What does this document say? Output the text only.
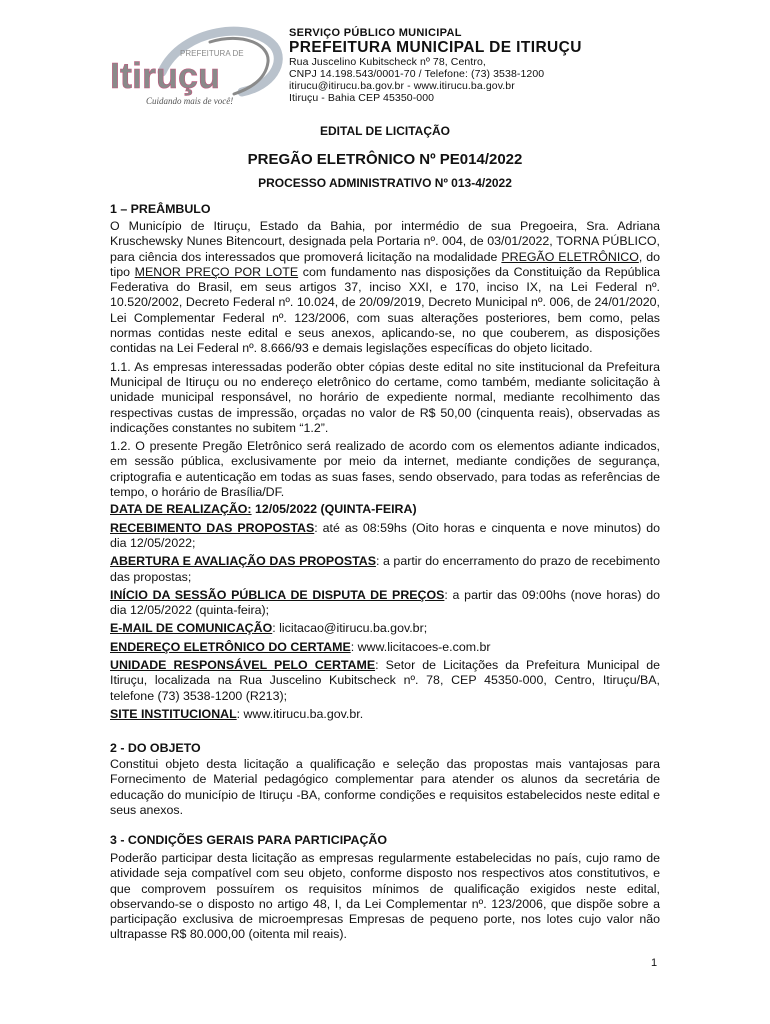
PREFEITURA DE
Itiruçu
Cuidando mais de você!
SERVIÇO PÚBLICO MUNICIPAL
PREFEITURA MUNICIPAL DE ITIRUÇU
Rua Juscelino Kubitscheck nº 78, Centro,
CNPJ 14.198.543/0001-70 / Telefone: (73) 3538-1200
itirucu@itirucu.ba.gov.br - www.itirucu.ba.gov.br
Itiruçu - Bahia CEP 45350-000
EDITAL DE LICITAÇÃO
PREGÃO ELETRÔNICO Nº PE014/2022
PROCESSO ADMINISTRATIVO Nº 013-4/2022
1 – PREÂMBULO

O Município de Itiruçu, Estado da Bahia, por intermédio de sua Pregoeira, Sra. Adriana Kruschewsky Nunes Bitencourt, designada pela Portaria nº. 004, de 03/01/2022, TORNA PÚBLICO, para ciência dos interessados que promoverá licitação na modalidade PREGÃO ELETRÔNICO, do tipo MENOR PREÇO POR LOTE com fundamento nas disposições da Constituição da República Federativa do Brasil, em seus artigos 37, inciso XXI, e 170, inciso IX, na Lei Federal nº. 10.520/2002, Decreto Federal nº. 10.024, de 20/09/2019, Decreto Municipal nº. 006, de 24/01/2020, Lei Complementar Federal nº. 123/2006, com suas alterações posteriores, bem como, pelas normas contidas neste edital e seus anexos, aplicando-se, no que couberem, as disposições contidas na Lei Federal nº. 8.666/93 e demais legislações específicas do objeto licitado.

1.1. As empresas interessadas poderão obter cópias deste edital no site institucional da Prefeitura Municipal de Itiruçu ou no endereço eletrônico do certame, como também, mediante solicitação à unidade municipal responsável, no horário de expediente normal, mediante recolhimento das respectivas custas de impressão, orçadas no valor de R$ 50,00 (cinquenta reais), observadas as indicações constantes no subitem “1.2”.

1.2. O presente Pregão Eletrônico será realizado de acordo com os elementos adiante indicados, em sessão pública, exclusivamente por meio da internet, mediante condições de segurança, criptografia e autenticação em todas as suas fases, sendo observado, para todas as referências de tempo, o horário de Brasília/DF.

DATA DE REALIZAÇÃO: 12/05/2022 (QUINTA-FEIRA)

RECEBIMENTO DAS PROPOSTAS: até as 08:59hs (Oito horas e cinquenta e nove minutos) do dia 12/05/2022;

ABERTURA E AVALIAÇÃO DAS PROPOSTAS: a partir do encerramento do prazo de recebimento das propostas;

INÍCIO DA SESSÃO PÚBLICA DE DISPUTA DE PREÇOS: a partir das 09:00hs (nove horas) do dia 12/05/2022 (quinta-feira);

E-MAIL DE COMUNICAÇÃO: licitacao@itirucu.ba.gov.br;

ENDEREÇO ELETRÔNICO DO CERTAME: www.licitacoes-e.com.br

UNIDADE RESPONSÁVEL PELO CERTAME: Setor de Licitações da Prefeitura Municipal de Itiruçu, localizada na Rua Juscelino Kubitscheck nº. 78, CEP 45350-000, Centro, Itiruçu/BA, telefone (73) 3538-1200 (R213);

SITE INSTITUCIONAL: www.itirucu.ba.gov.br.

2 - DO OBJETO

Constitui objeto desta licitação a qualificação e seleção das propostas mais vantajosas para Fornecimento de Material pedagógico complementar para atender os alunos da secretária de educação do município de Itiruçu -BA, conforme condições e requisitos estabelecidos neste edital e seus anexos.

3 - CONDIÇÕES GERAIS PARA PARTICIPAÇÃO

Poderão participar desta licitação as empresas regularmente estabelecidas no país, cujo ramo de atividade seja compatível com seu objeto, conforme disposto nos respectivos atos constitutivos, e que comprovem possuírem os requisitos mínimos de qualificação exigidos neste edital, observando-se o disposto no artigo 48, I, da Lei Complementar nº. 123/2006, que dispõe sobre a participação exclusiva de microempresas Empresas de pequeno porte, nos lotes cujo valor não ultrapasse R$ 80.000,00 (oitenta mil reais).

1
